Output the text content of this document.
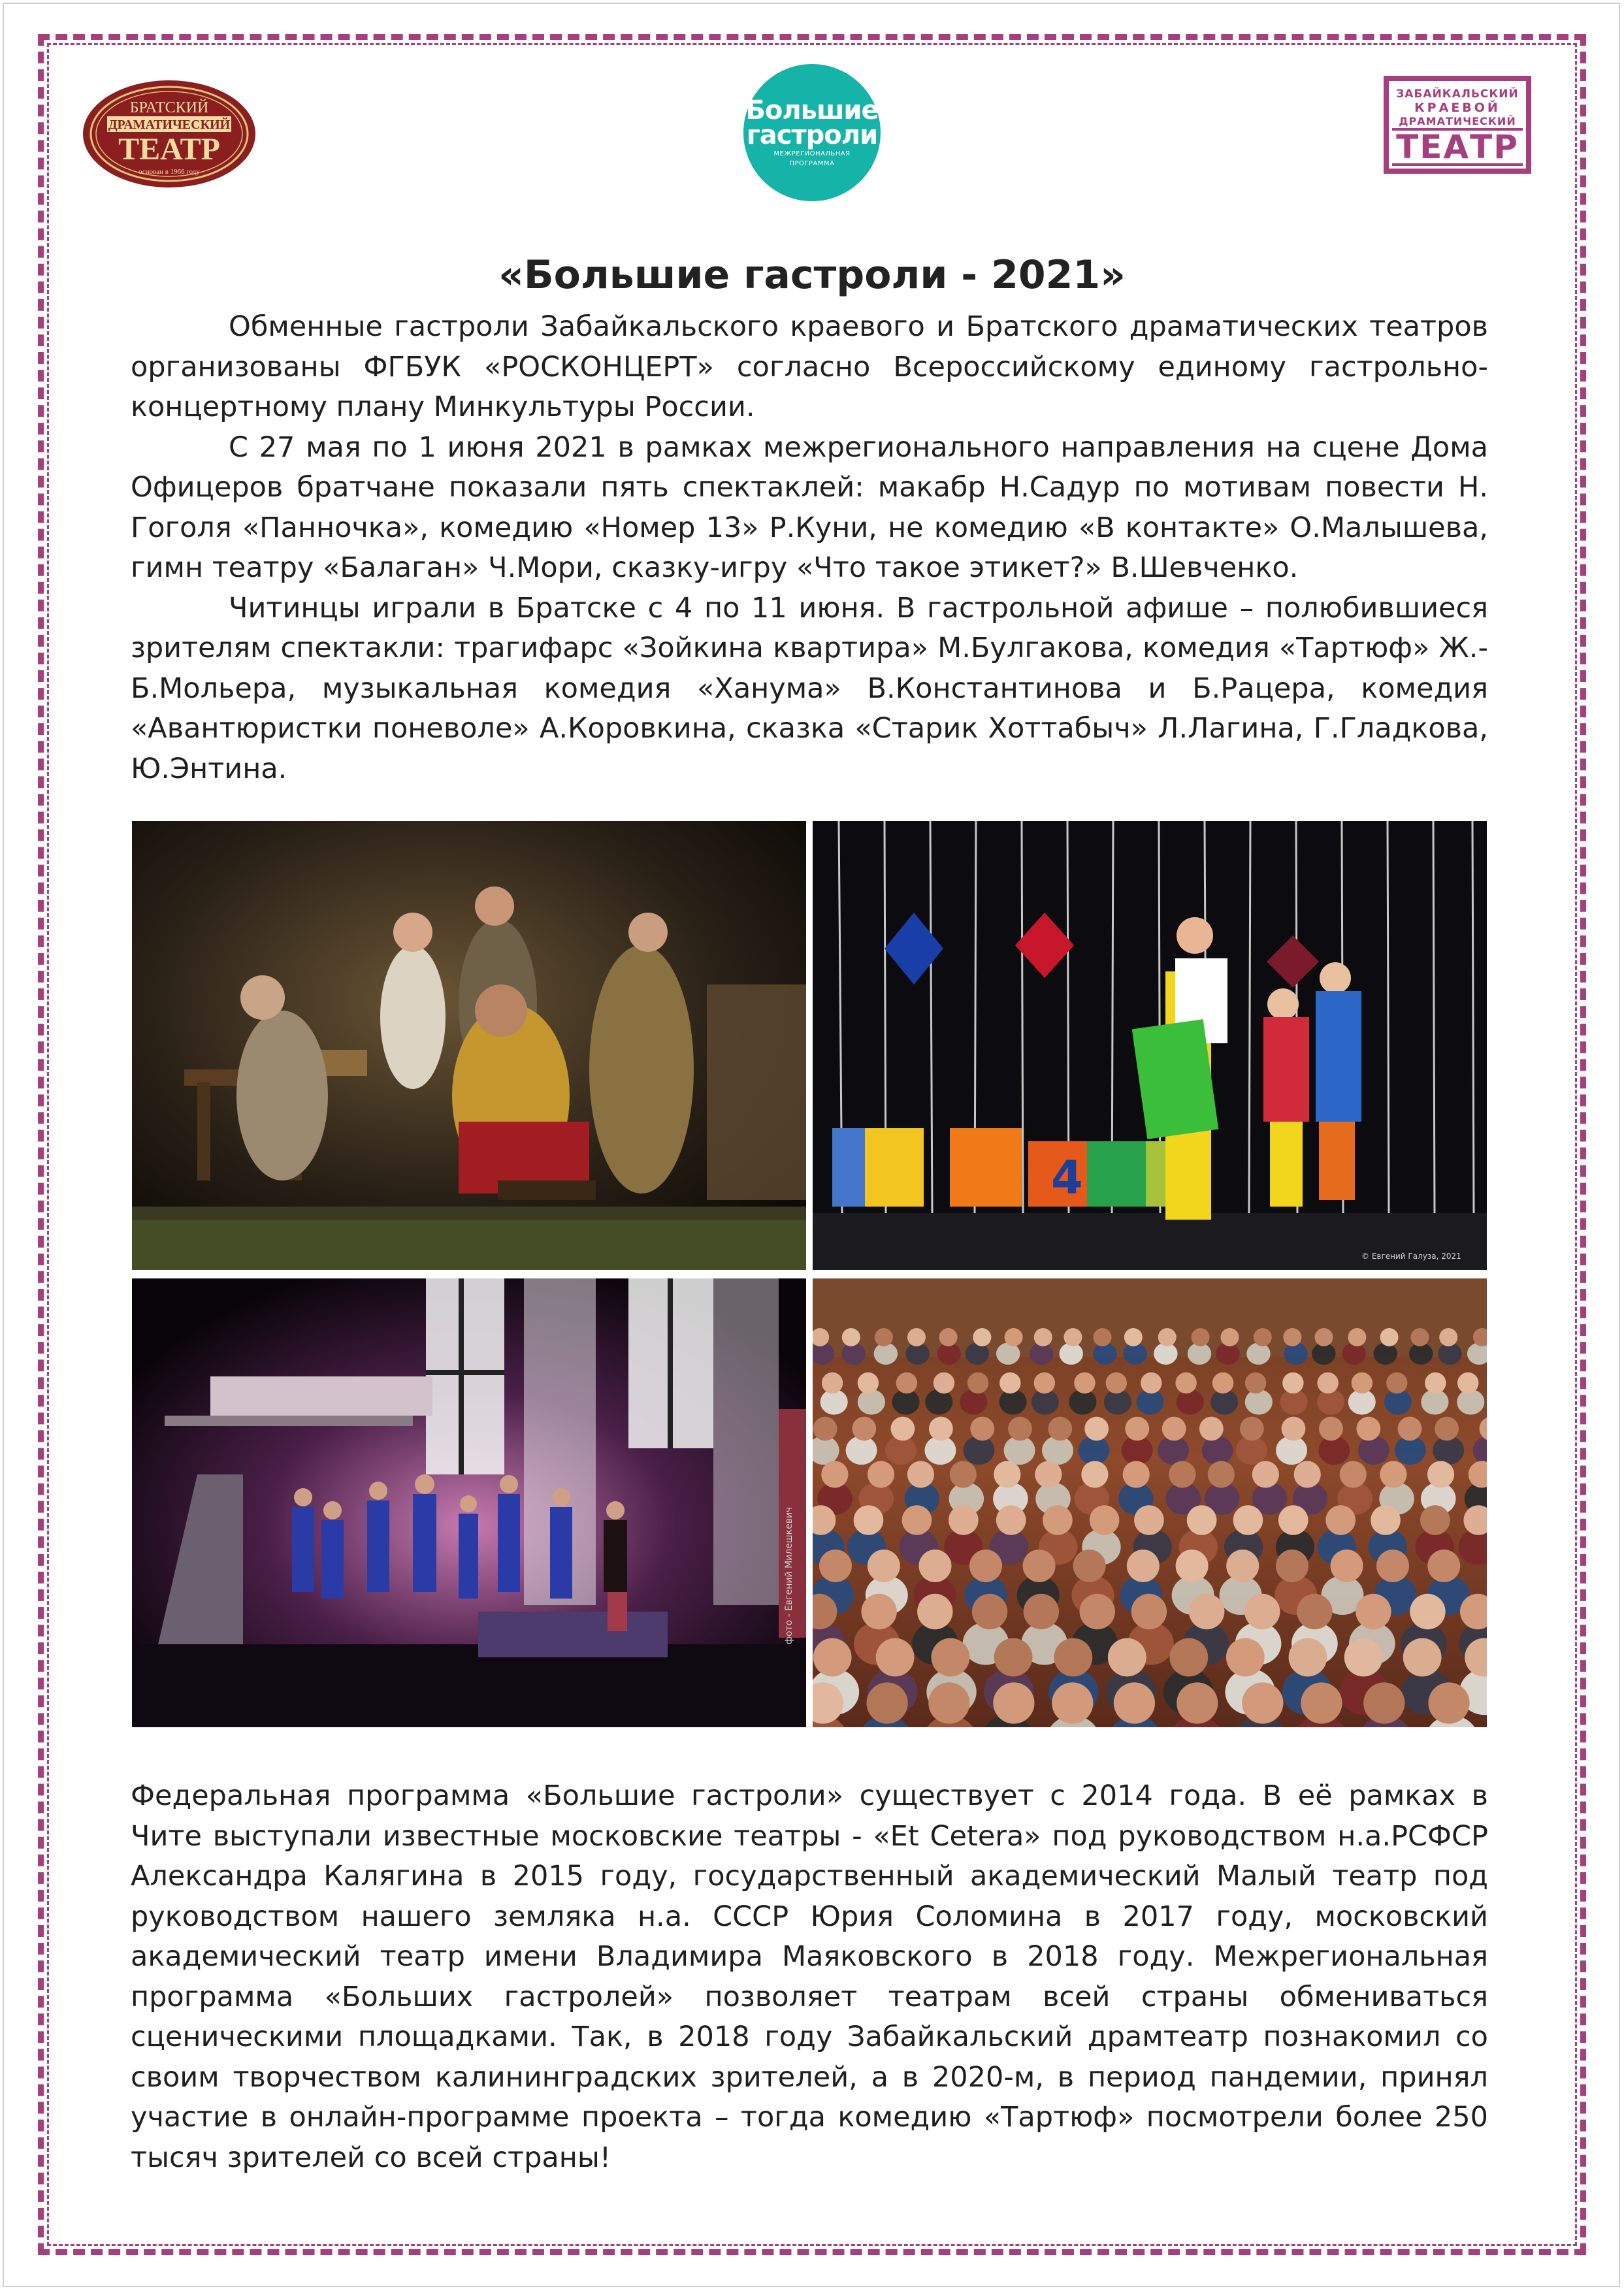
БРАТСКИЙ
ДРАМАТИЧЕСКИЙ
ТЕАТР
основан в 1966 году
Большие
гастроли
МЕЖРЕГИОНАЛЬНАЯ
ПРОГРАММА
ЗАБАЙКАЛЬСКИЙ
КРАЕВОЙ
ДРАМАТИЧЕСКИЙ
ТЕАТР
«Большие гастроли - 2021»

Обменные гастроли Забайкальского краевого и Братского драматических театров организованы ФГБУК «РОСКОНЦЕРТ» согласно Всероссийскому единому гастрольно-концертному плану Минкультуры России.

С 27 мая по 1 июня 2021 в рамках межрегионального направления на сцене Дома Офицеров братчане показали пять спектаклей: макабр Н.Садур по мотивам повести Н. Гоголя «Панночка», комедию «Номер 13» Р.Куни, не комедию «В контакте» О.Малышева, гимн театру «Балаган» Ч.Мори, сказку-игру «Что такое этикет?» В.Шевченко.

Читинцы играли в Братске с 4 по 11 июня. В гастрольной афише – полюбившиеся зрителям спектакли: трагифарс «Зойкина квартира» М.Булгакова, комедия «Тартюф» Ж.-Б.Мольера, музыкальная комедия «Ханума» В.Константинова и Б.Рацера, комедия «Авантюристки поневоле» А.Коровкина, сказка «Старик Хоттабыч» Л.Лагина, Г.Гладкова, Ю.Энтина.

4
© Евгений Галуза, 2021
фото - Евгений Милешкевич

Федеральная программа «Большие гастроли» существует с 2014 года. В её рамках в Чите выступали известные московские театры - «Et Cetera» под руководством н.а.РСФСР Александра Калягина в 2015 году, государственный академический Малый театр под руководством нашего земляка н.а. СССР Юрия Соломина в 2017 году, московский академический театр имени Владимира Маяковского в 2018 году. Межрегиональная программа «Больших гастролей» позволяет театрам всей страны обмениваться сценическими площадками. Так, в 2018 году Забайкальский драмтеатр познакомил со своим творчеством калининградских зрителей, а в 2020-м, в период пандемии, принял участие в онлайн-программе проекта – тогда комедию «Тартюф» посмотрели более 250 тысяч зрителей со всей страны!
